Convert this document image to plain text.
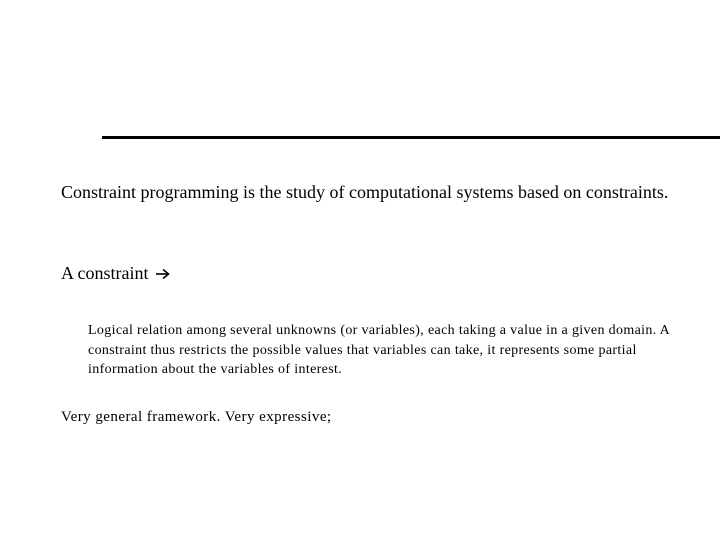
Constraint programming is the study of computational systems based on constraints.
A constraint
Logical relation among several unknowns (or variables), each taking a value in a given domain. A constraint thus restricts the possible values that variables can take, it represents some partial information about the variables of interest.
Very general framework. Very expressive;
